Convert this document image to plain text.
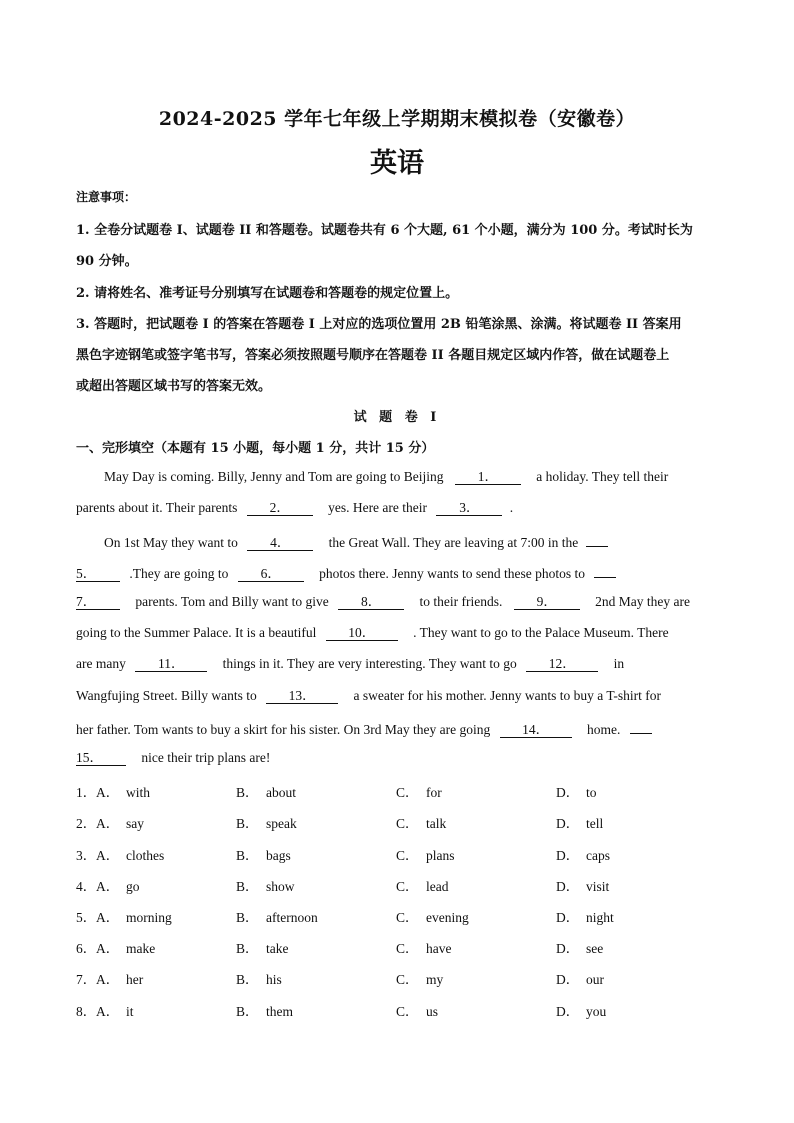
2024-2025 学年七年级上学期期末模拟卷（安徽卷）
英语
注意事项：
1. 全卷分试题卷 I、试题卷 II 和答题卷。试题卷共有 6 个大题, 61 个小题，满分为 100 分。考试时长为
90 分钟。
2. 请将姓名、准考证号分别填写在试题卷和答题卷的规定位置上。
3. 答题时，把试题卷 I 的答案在答题卷 I 上对应的选项位置用 2B 铅笔涂黑、涂满。将试题卷 II 答案用
黑色字迹钢笔或签字笔书写，答案必须按照题号顺序在答题卷 II 各题目规定区域内作答，做在试题卷上
或超出答题区域书写的答案无效。
试 题 卷 I
一、完形填空（本题有 15 小题，每小题 1 分，共计 15 分）
May Day is coming. Billy, Jenny and Tom are going to Beijing	1．	a holiday. They tell their
parents about it. Their parents 2．	yes. Here are their 3． .
On 1st May they want to 4．	the Great Wall. They are leaving at 7:00 in the
5． .They are going to 6．	photos there. Jenny wants to send these photos to
7．	parents. Tom and Billy want to give 8．	to their friends.	9．	2nd May they are
going to the Summer Palace. It is a beautiful 10．	. They want to go to the Palace Museum. There
are many 11．	things in it. They are very interesting. They want to go 12．	in
Wangfujing Street. Billy wants to 13．	a sweater for his mother. Jenny wants to buy a T-shirt for
her father. Tom wants to buy a skirt for his sister. On 3rd May they are going 14．	home.
15．	nice their trip plans are!
1． A． with	B． about	C． for	D． to
2． A． say	B． speak	C． talk	D． tell
3． A． clothes	B． bags	C． plans	D． caps
4． A． go	B． show	C． lead	D． visit
5． A． morning	B． afternoon	C． evening	D． night
6． A． make	B． take	C． have	D． see
7． A． her	B． his	C． my	D． our
8． A． it	B． them	C． us	D． you
